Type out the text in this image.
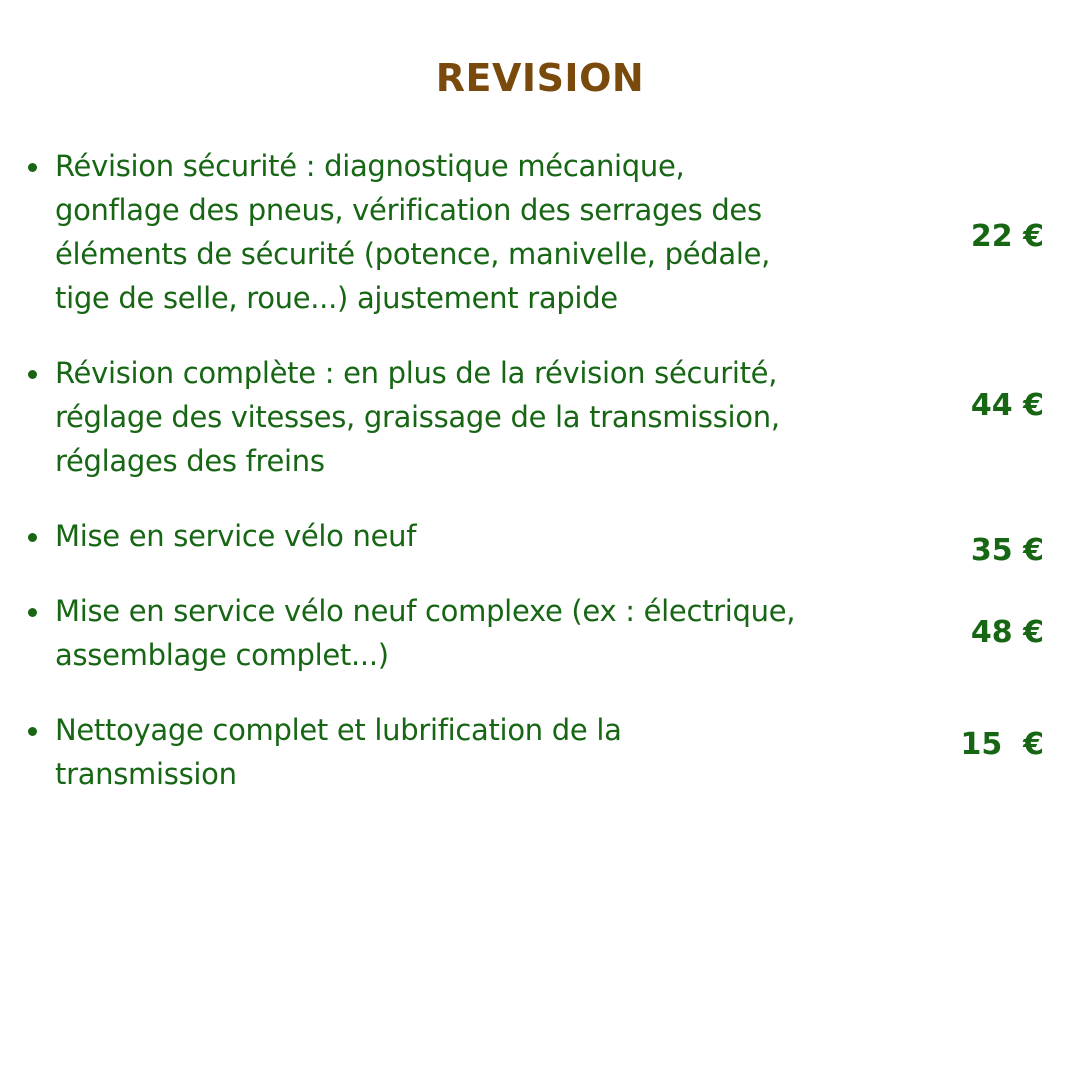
REVISION
Révision sécurité : diagnostique mécanique,
gonflage des pneus, vérification des serrages des
éléments de sécurité (potence, manivelle, pédale,
tige de selle, roue...) ajustement rapide
22 €
Révision complète : en plus de la révision sécurité,
réglage des vitesses, graissage de la transmission,
réglages des freins
44 €
Mise en service vélo neuf	35 €
Mise en service vélo neuf complexe (ex : électrique,
assemblage complet...)
48 €
Nettoyage complet et lubrification de la
transmission
15  €
